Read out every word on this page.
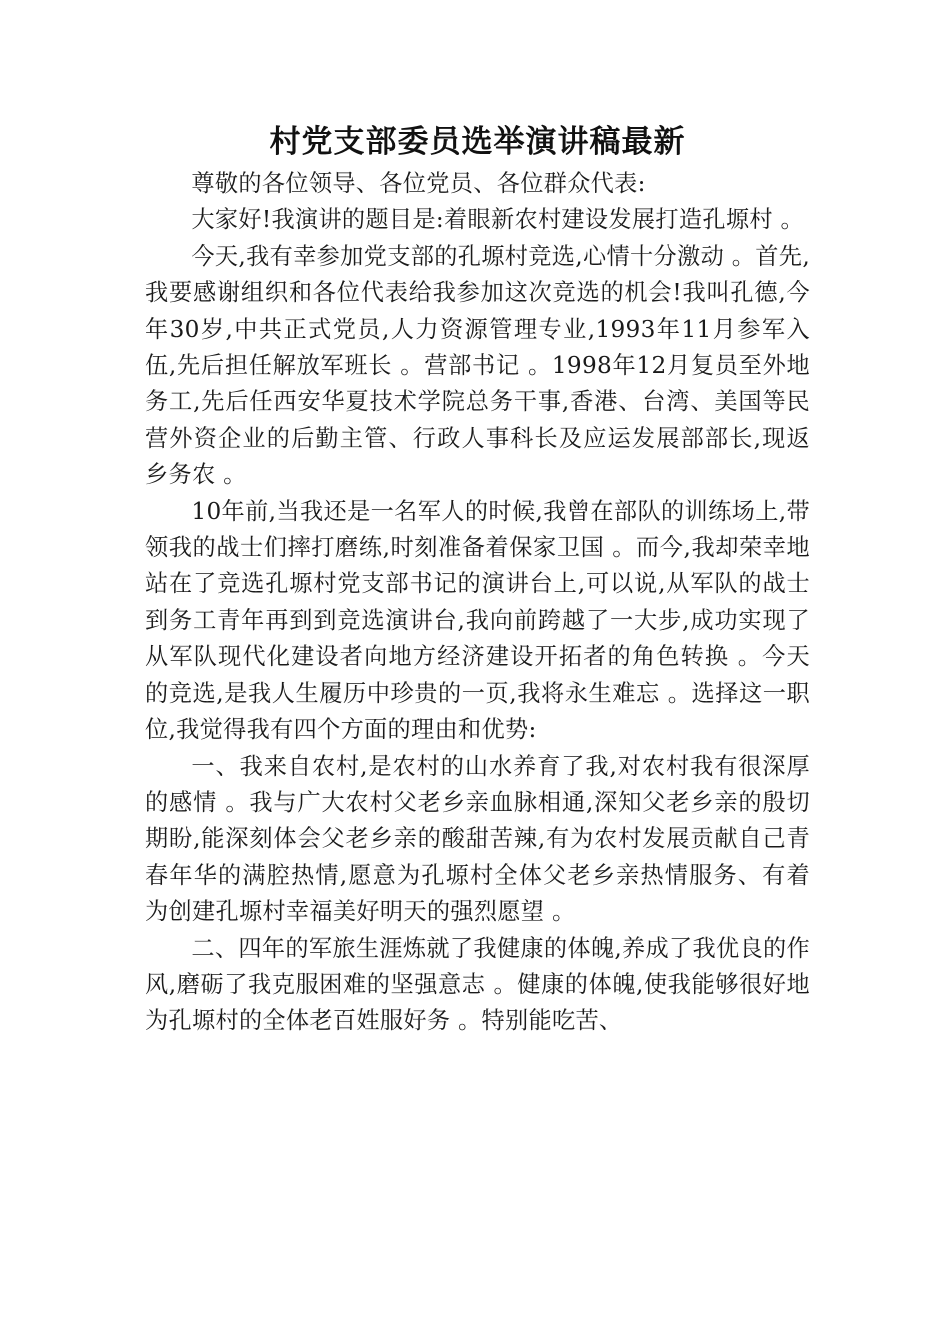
村党支部委员选举演讲稿最新

尊敬的各位领导、各位党员、各位群众代表:

大家好!我演讲的题目是:着眼新农村建设发展打造孔塬村 。

今天,我有幸参加党支部的孔塬村竞选,心情十分激动 。首先,我要感谢组织和各位代表给我参加这次竞选的机会!我叫孔德,今年30岁,中共正式党员,人力资源管理专业,1993年11月参军入伍,先后担任解放军班长 。营部书记 。1998年12月复员至外地务工,先后任西安华夏技术学院总务干事,香港、台湾、美国等民营外资企业的后勤主管、行政人事科长及应运发展部部长,现返乡务农 。

10年前,当我还是一名军人的时候,我曾在部队的训练场上,带领我的战士们摔打磨练,时刻准备着保家卫国 。而今,我却荣幸地站在了竞选孔塬村党支部书记的演讲台上,可以说,从军队的战士到务工青年再到到竞选演讲台,我向前跨越了一大步,成功实现了从军队现代化建设者向地方经济建设开拓者的角色转换 。今天的竞选,是我人生履历中珍贵的一页,我将永生难忘 。选择这一职位,我觉得我有四个方面的理由和优势:

一、我来自农村,是农村的山水养育了我,对农村我有很深厚的感情 。我与广大农村父老乡亲血脉相通,深知父老乡亲的殷切期盼,能深刻体会父老乡亲的酸甜苦辣,有为农村发展贡献自己青春年华的满腔热情,愿意为孔塬村全体父老乡亲热情服务、有着为创建孔塬村幸福美好明天的强烈愿望 。

二、四年的军旅生涯炼就了我健康的体魄,养成了我优良的作风,磨砺了我克服困难的坚强意志 。健康的体魄,使我能够很好地为孔塬村的全体老百姓服好务 。特别能吃苦、
